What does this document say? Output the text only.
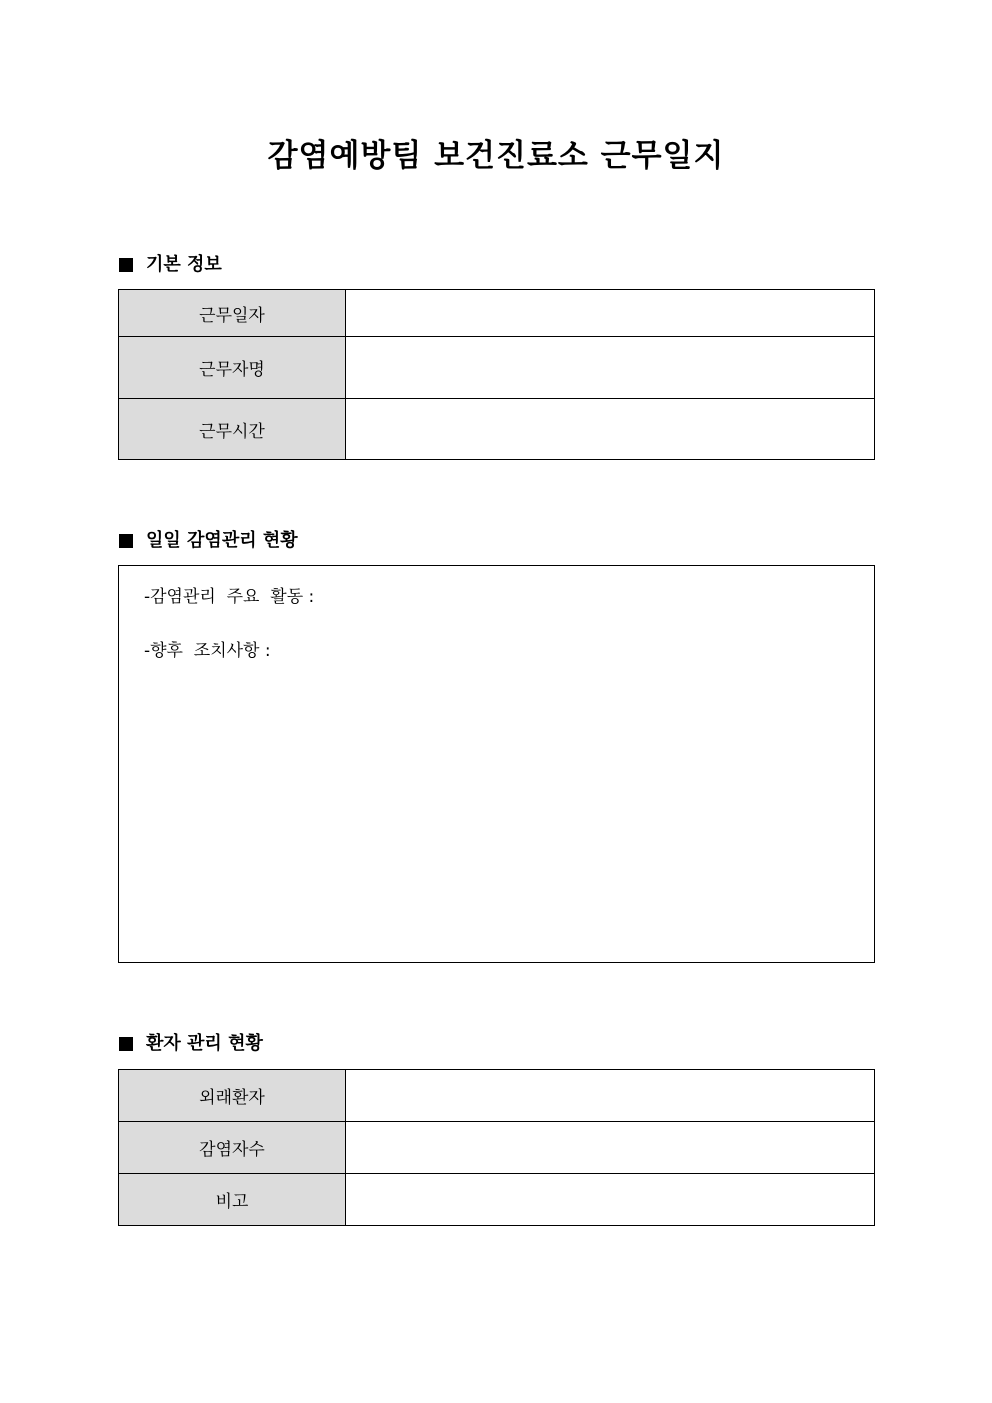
감염예방팀 보건진료소 근무일지
기본 정보
근무일자	
근무자명	
근무시간	
일일 감염관리 현황
-감염관리  주요  활동 :
-향후  조치사항 :
환자 관리 현황
외래환자	
감염자수	
비고	
